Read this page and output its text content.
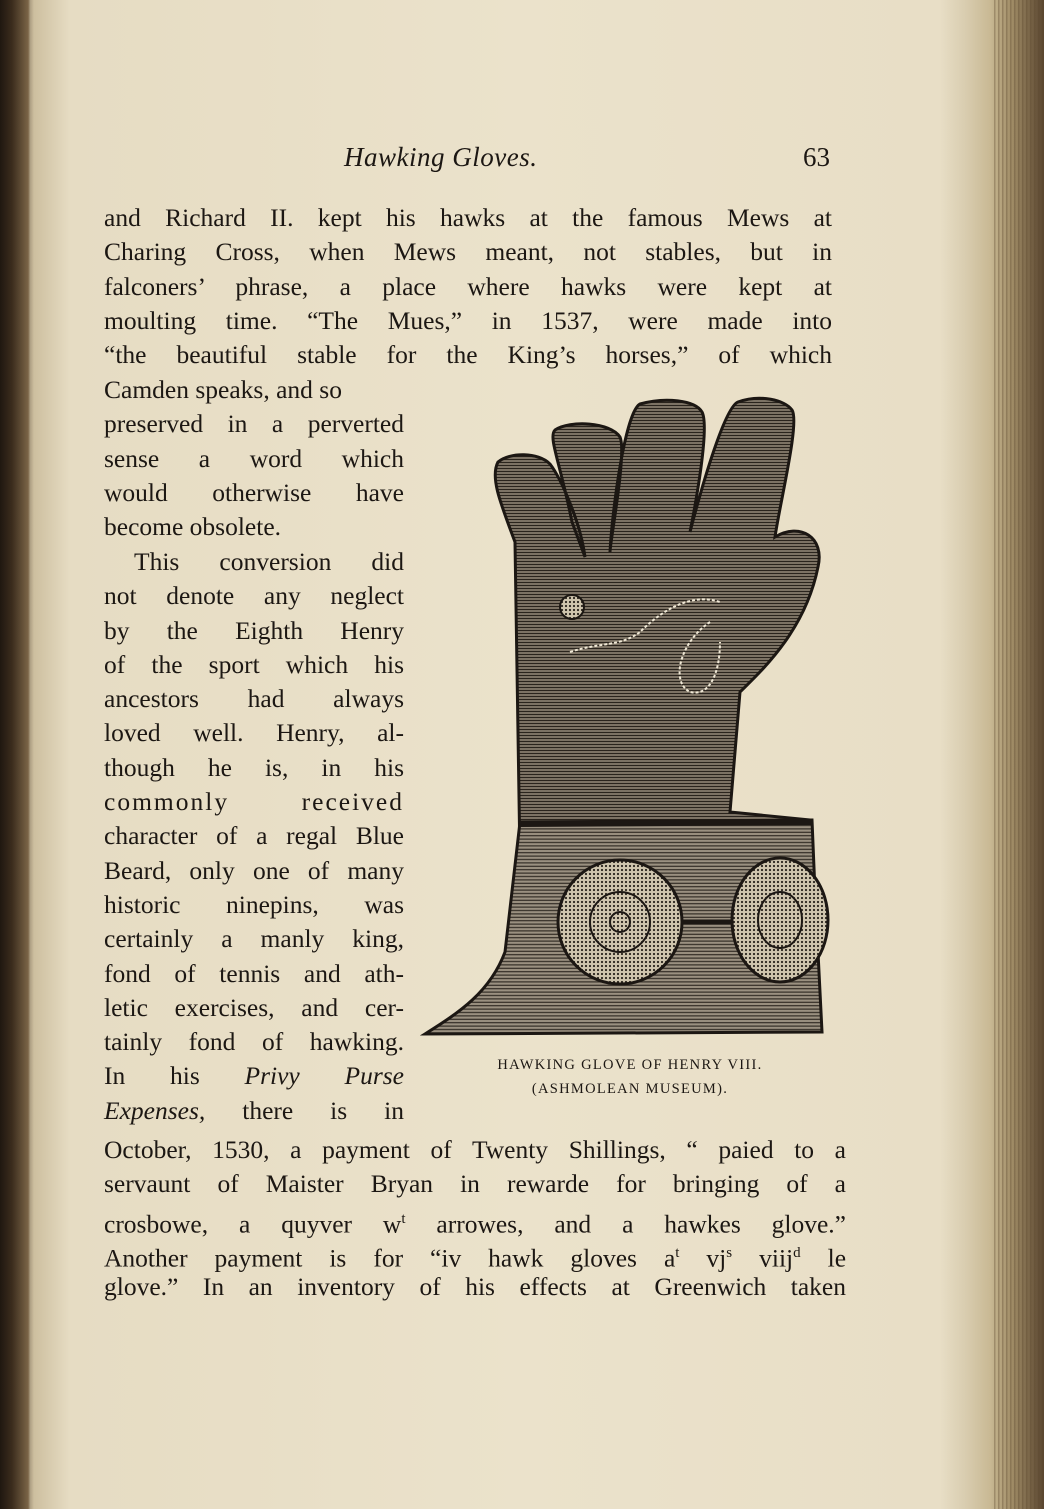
Hawking Gloves.	63
and Richard II. kept his hawks at the famous Mews at
Charing Cross, when Mews meant, not stables, but in
falconers’ phrase, a place where hawks were kept at
moulting time. “The Mues,” in 1537, were made into
“the beautiful stable for the King’s horses,” of which
Camden speaks, and so
preserved in a perverted
sense a word which
would otherwise have
become obsolete.
This conversion did
not denote any neglect
by the Eighth Henry
of the sport which his
ancestors had always
loved well. Henry, al-
though he is, in his
commonly received
character of a regal Blue
Beard, only one of many
historic ninepins, was
certainly a manly king,
fond of tennis and ath-
letic exercises, and cer-
tainly fond of hawking.
In his Privy Purse
Expenses, there is in
HAWKING GLOVE OF HENRY VIII.
(ASHMOLEAN MUSEUM).
October, 1530, a payment of Twenty Shillings, “ paied to a
servaunt of Maister Bryan in rewarde for bringing of a
crosbowe, a quyver $w^t$ arrowes, and a hawkes glove.”
Another payment is for “iv hawk gloves $a^t$ $vj^s$ viij$^d$ le
glove.” In an inventory of his effects at Greenwich taken
